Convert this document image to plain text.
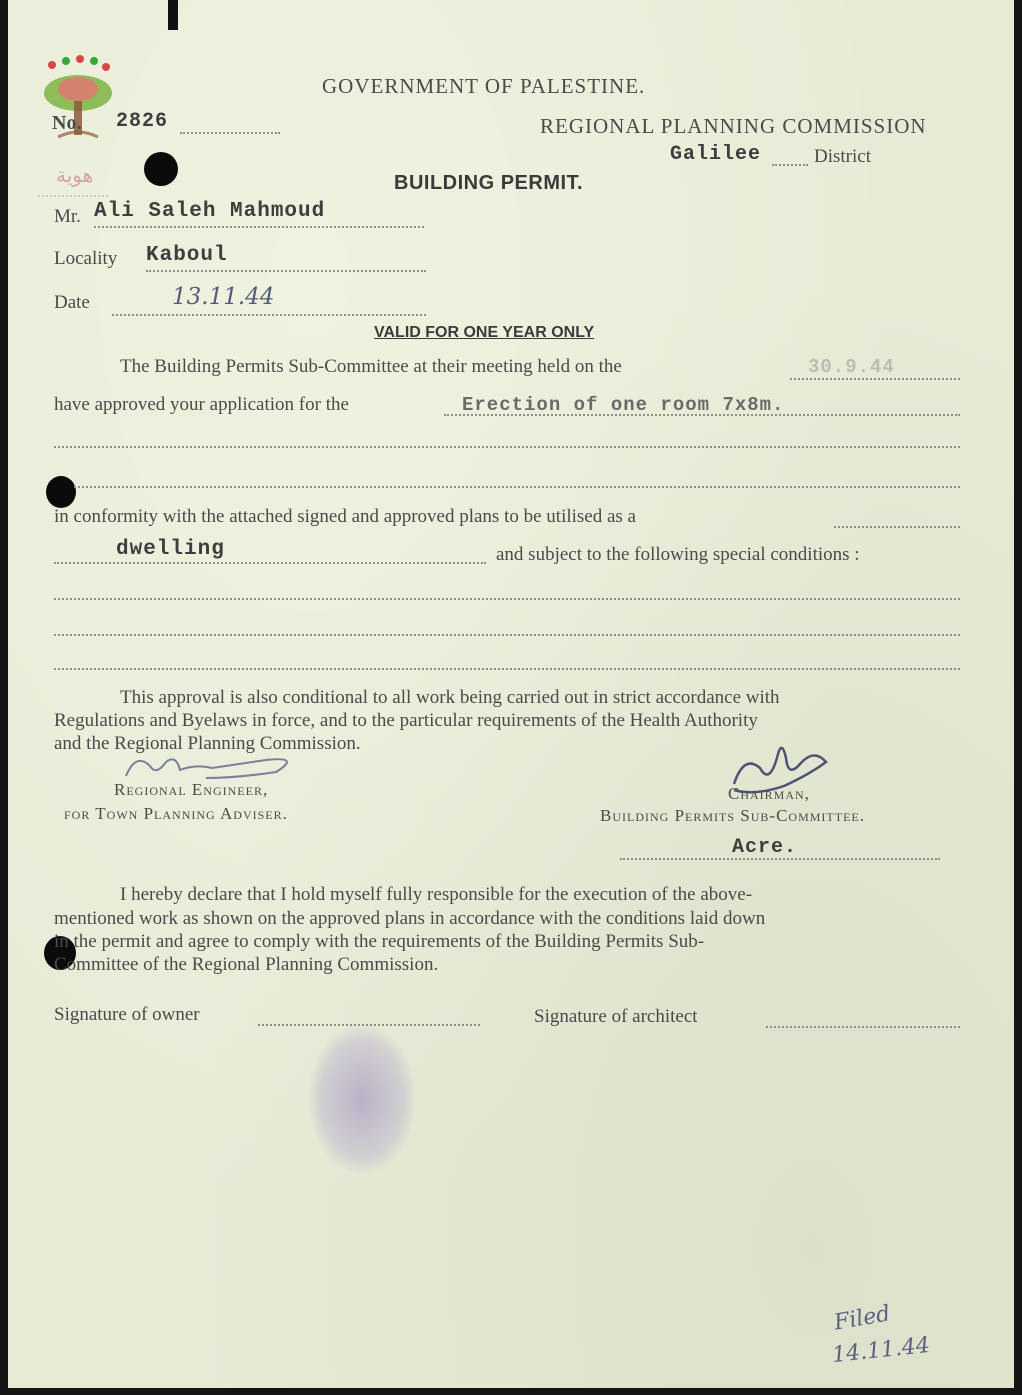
هوية
GOVERNMENT OF PALESTINE.
No. 2826	REGIONAL PLANNING COMMISSION
Galilee	District
BUILDING PERMIT.
Mr. Ali Saleh Mahmoud
Locality Kaboul
Date	13.11.44
VALID FOR ONE YEAR ONLY
The Building Permits Sub-Committee at their meeting held on the	30.9.44
have approved your application for the	Erection of one room 7x8m.
in conformity with the attached signed and approved plans to be utilised as a
dwelling	and subject to the following special conditions :
This approval is also conditional to all work being carried out in strict accordance with
Regulations and Byelaws in force, and to the particular requirements of the Health Authority
and the Regional Planning Commission.
Regional Engineer,
for Town Planning Adviser.
Chairman,
Building Permits Sub-Committee.
Acre.
I hereby declare that I hold myself fully responsible for the execution of the above-
mentioned work as shown on the approved plans in accordance with the conditions laid down
in the permit and agree to comply with the requirements of the Building Permits Sub-
Committee of the Regional Planning Commission.
Signature of owner	Signature of architect
Filed
14.11.44
